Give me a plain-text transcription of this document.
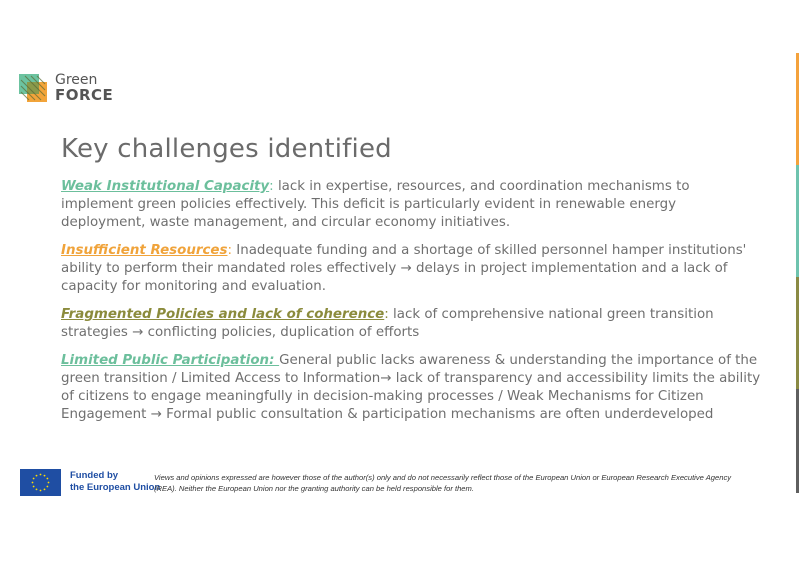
Green
FORCE
Key challenges identified

Weak Institutional Capacity: lack in expertise, resources, and coordination mechanisms to implement green policies effectively. This deficit is particularly evident in renewable energy deployment, waste management, and circular economy initiatives.

Insufficient Resources: Inadequate funding and a shortage of skilled personnel hamper institutions' ability to perform their mandated roles effectively → delays in project implementation and a lack of capacity for monitoring and evaluation.

Fragmented Policies and lack of coherence: lack of comprehensive national green transition strategies → conflicting policies, duplication of efforts

Limited Public Participation: General public lacks awareness & understanding the importance of the green transition / Limited Access to Information→ lack of transparency and accessibility limits the ability of citizens to engage meaningfully in decision-making processes / Weak Mechanisms for Citizen Engagement → Formal public consultation & participation mechanisms are often underdeveloped

Funded by
the European Union
Views and opinions expressed are however those of the author(s) only and do not necessarily reflect those of the European Union or European Research Executive Agency (REA). Neither the European Union nor the granting authority can be held responsible for them.
